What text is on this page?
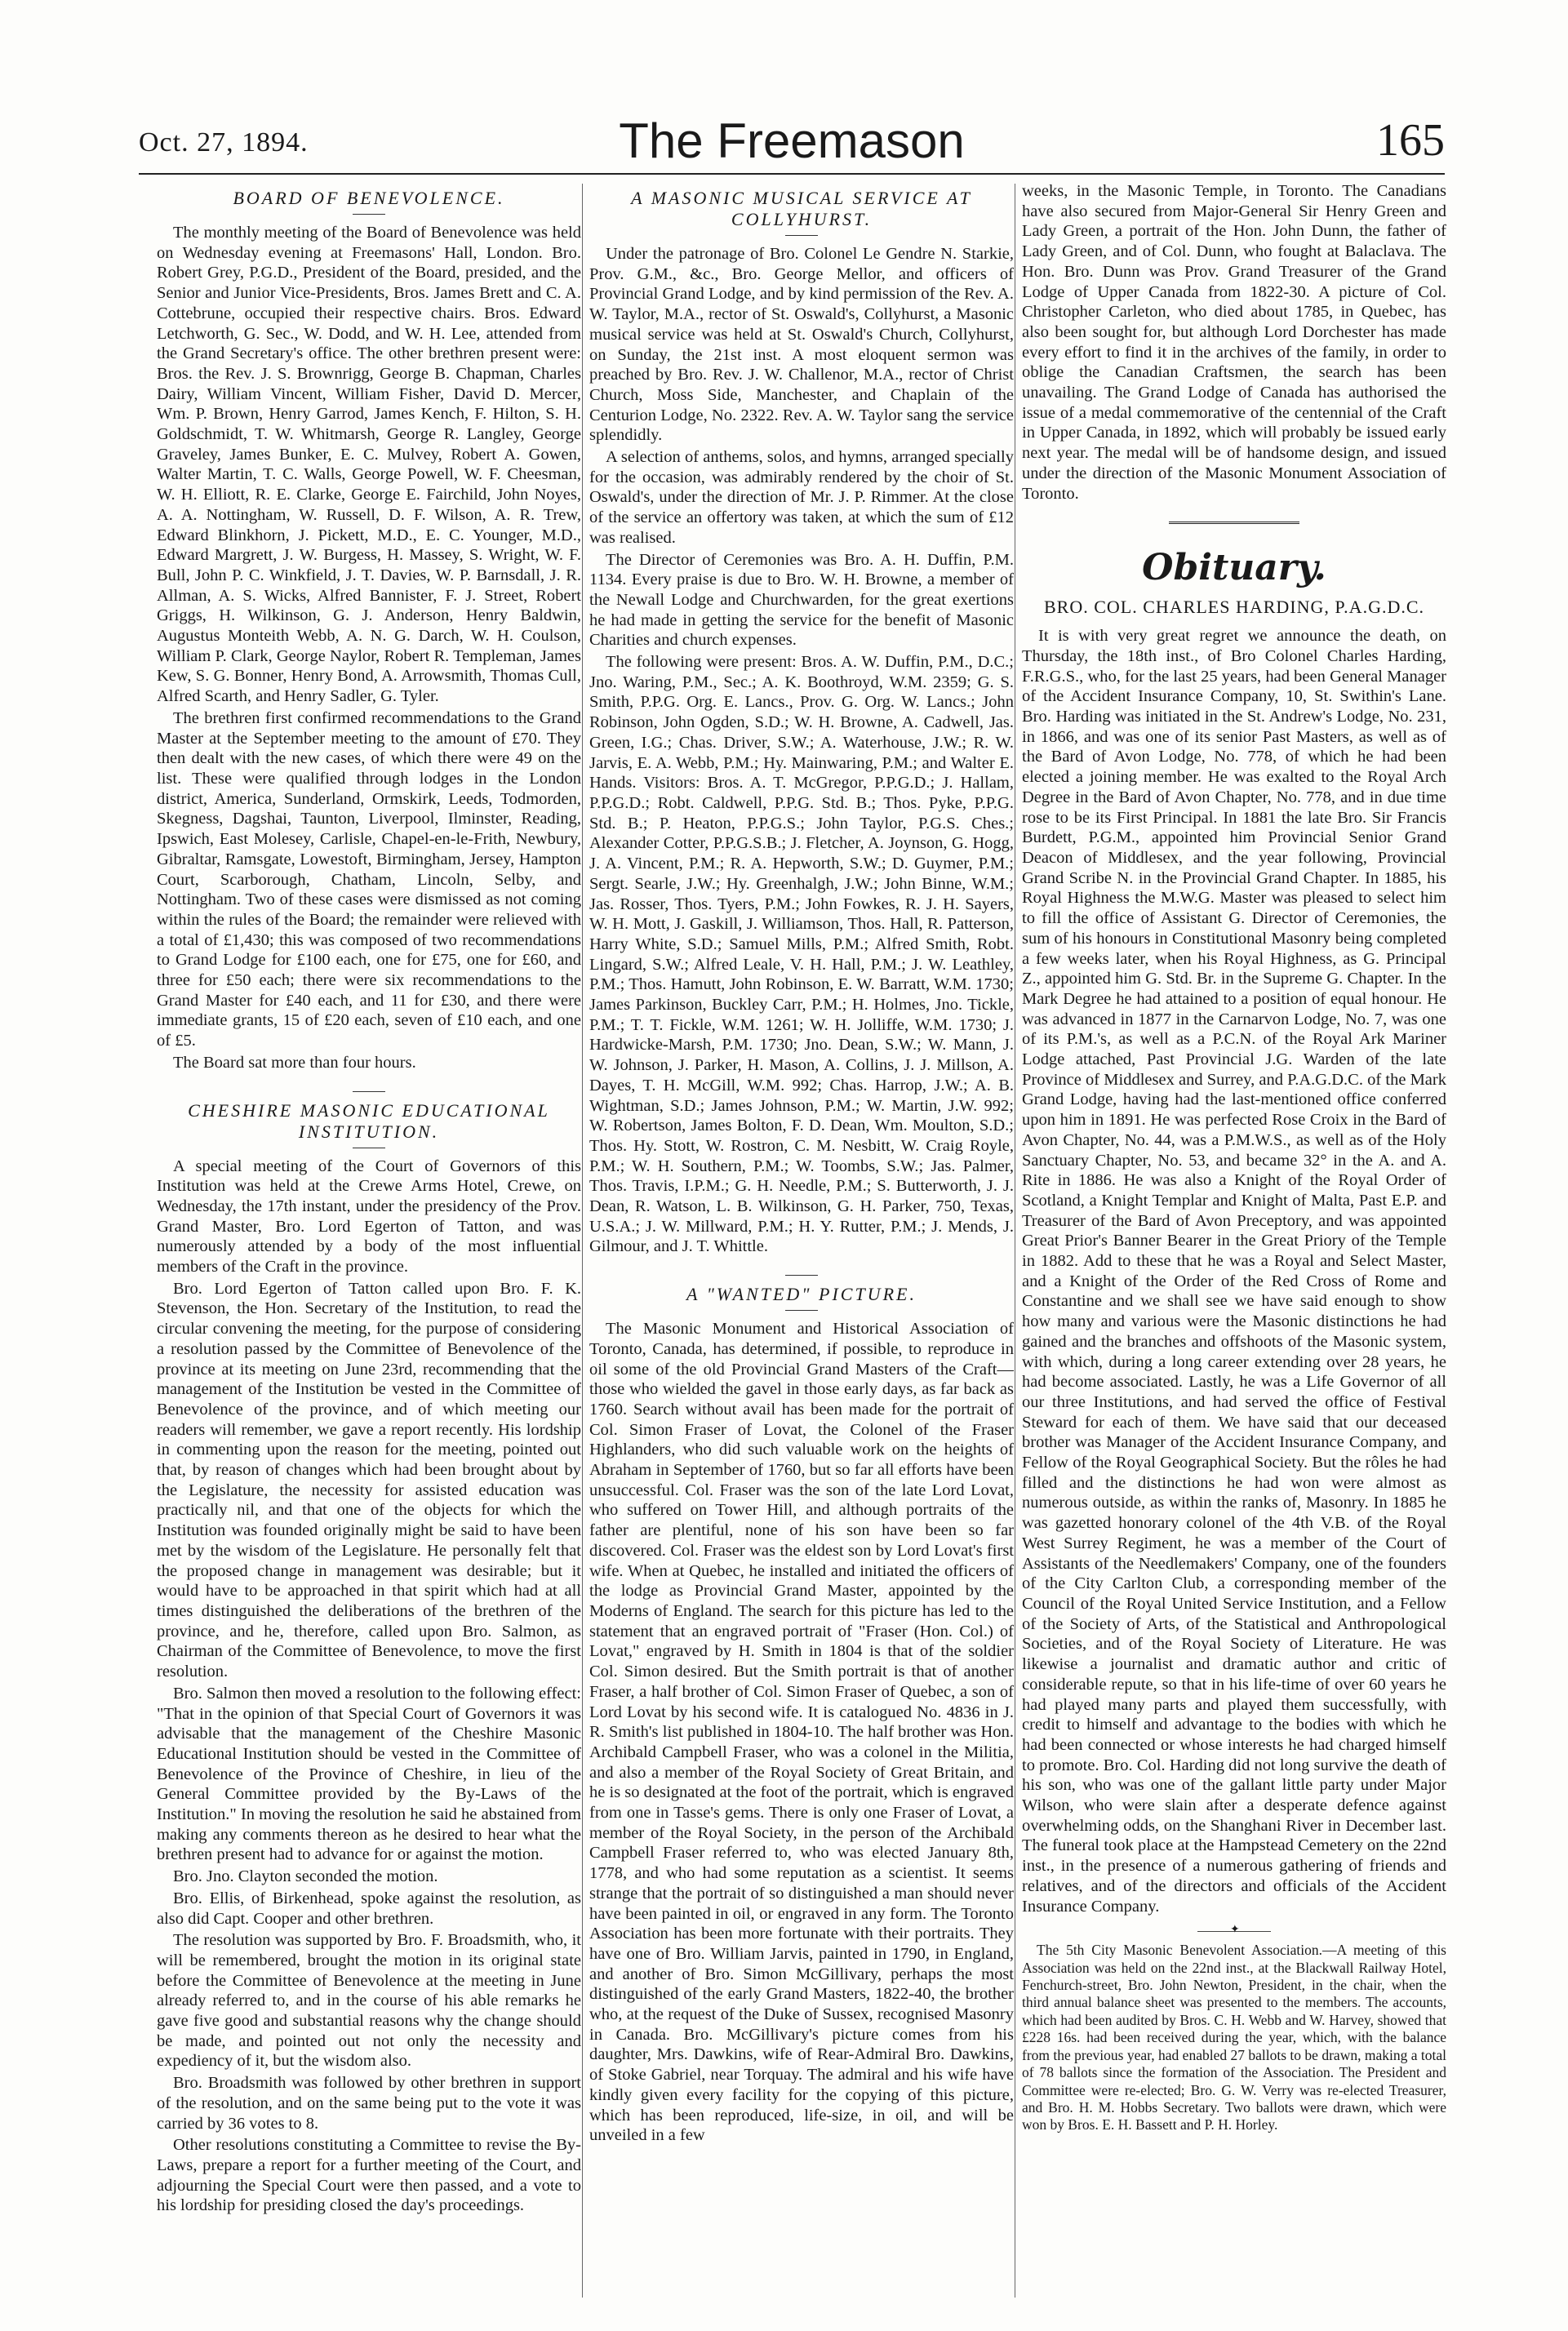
Oct. 27, 1894.	The Freemason	165
BOARD OF BENEVOLENCE.

The monthly meeting of the Board of Benevolence was held on Wednesday evening at Freemasons' Hall, London. Bro. Robert Grey, P.G.D., President of the Board, presided, and the Senior and Junior Vice-Presidents, Bros. James Brett and C. A. Cottebrune, occupied their respective chairs. Bros. Edward Letchworth, G. Sec., W. Dodd, and W. H. Lee, attended from the Grand Secretary's office. The other brethren present were: Bros. the Rev. J. S. Brownrigg, George B. Chapman, Charles Dairy, William Vincent, William Fisher, David D. Mercer, Wm. P. Brown, Henry Garrod, James Kench, F. Hilton, S. H. Goldschmidt, T. W. Whitmarsh, George R. Langley, George Graveley, James Bunker, E. C. Mulvey, Robert A. Gowen, Walter Martin, T. C. Walls, George Powell, W. F. Cheesman, W. H. Elliott, R. E. Clarke, George E. Fairchild, John Noyes, A. A. Nottingham, W. Russell, D. F. Wilson, A. R. Trew, Edward Blinkhorn, J. Pickett, M.D., E. C. Younger, M.D., Edward Margrett, J. W. Burgess, H. Massey, S. Wright, W. F. Bull, John P. C. Winkfield, J. T. Davies, W. P. Barnsdall, J. R. Allman, A. S. Wicks, Alfred Bannister, F. J. Street, Robert Griggs, H. Wilkinson, G. J. Anderson, Henry Baldwin, Augustus Monteith Webb, A. N. G. Darch, W. H. Coulson, William P. Clark, George Naylor, Robert R. Templeman, James Kew, S. G. Bonner, Henry Bond, A. Arrowsmith, Thomas Cull, Alfred Scarth, and Henry Sadler, G. Tyler.

The brethren first confirmed recommendations to the Grand Master at the September meeting to the amount of £70. They then dealt with the new cases, of which there were 49 on the list. These were qualified through lodges in the London district, America, Sunderland, Ormskirk, Leeds, Todmorden, Skegness, Dagshai, Taunton, Liverpool, Ilminster, Reading, Ipswich, East Molesey, Carlisle, Chapel-en-le-Frith, Newbury, Gibraltar, Ramsgate, Lowestoft, Birmingham, Jersey, Hampton Court, Scarborough, Chatham, Lincoln, Selby, and Nottingham. Two of these cases were dismissed as not coming within the rules of the Board; the remainder were relieved with a total of £1,430; this was composed of two recommendations to Grand Lodge for £100 each, one for £75, one for £60, and three for £50 each; there were six recommendations to the Grand Master for £40 each, and 11 for £30, and there were immediate grants, 15 of £20 each, seven of £10 each, and one of £5.

The Board sat more than four hours.

CHESHIRE MASONIC EDUCATIONAL
INSTITUTION.

A special meeting of the Court of Governors of this Institution was held at the Crewe Arms Hotel, Crewe, on Wednesday, the 17th instant, under the presidency of the Prov. Grand Master, Bro. Lord Egerton of Tatton, and was numerously attended by a body of the most influential members of the Craft in the province.

Bro. Lord Egerton of Tatton called upon Bro. F. K. Stevenson, the Hon. Secretary of the Institution, to read the circular convening the meeting, for the purpose of considering a resolution passed by the Committee of Benevolence of the province at its meeting on June 23rd, recommending that the management of the Institution be vested in the Committee of Benevolence of the province, and of which meeting our readers will remember, we gave a report recently. His lordship in commenting upon the reason for the meeting, pointed out that, by reason of changes which had been brought about by the Legislature, the necessity for assisted education was practically nil, and that one of the objects for which the Institution was founded originally might be said to have been met by the wisdom of the Legislature. He personally felt that the proposed change in management was desirable; but it would have to be approached in that spirit which had at all times distinguished the deliberations of the brethren of the province, and he, therefore, called upon Bro. Salmon, as Chairman of the Committee of Benevolence, to move the first resolution.

Bro. Salmon then moved a resolution to the following effect: "That in the opinion of that Special Court of Governors it was advisable that the management of the Cheshire Masonic Educational Institution should be vested in the Committee of Benevolence of the Province of Cheshire, in lieu of the General Committee provided by the By-Laws of the Institution." In moving the resolution he said he abstained from making any comments thereon as he desired to hear what the brethren present had to advance for or against the motion.

Bro. Jno. Clayton seconded the motion.

Bro. Ellis, of Birkenhead, spoke against the resolution, as also did Capt. Cooper and other brethren.

The resolution was supported by Bro. F. Broadsmith, who, it will be remembered, brought the motion in its original state before the Committee of Benevolence at the meeting in June already referred to, and in the course of his able remarks he gave five good and substantial reasons why the change should be made, and pointed out not only the necessity and expediency of it, but the wisdom also.

Bro. Broadsmith was followed by other brethren in support of the resolution, and on the same being put to the vote it was carried by 36 votes to 8.

Other resolutions constituting a Committee to revise the By-Laws, prepare a report for a further meeting of the Court, and adjourning the Special Court were then passed, and a vote to his lordship for presiding closed the day's proceedings.

A MASONIC MUSICAL SERVICE AT
COLLYHURST.

Under the patronage of Bro. Colonel Le Gendre N. Starkie, Prov. G.M., &c., Bro. George Mellor, and officers of Provincial Grand Lodge, and by kind permission of the Rev. A. W. Taylor, M.A., rector of St. Oswald's, Collyhurst, a Masonic musical service was held at St. Oswald's Church, Collyhurst, on Sunday, the 21st inst. A most eloquent sermon was preached by Bro. Rev. J. W. Challenor, M.A., rector of Christ Church, Moss Side, Manchester, and Chaplain of the Centurion Lodge, No. 2322. Rev. A. W. Taylor sang the service splendidly.

A selection of anthems, solos, and hymns, arranged specially for the occasion, was admirably rendered by the choir of St. Oswald's, under the direction of Mr. J. P. Rimmer. At the close of the service an offertory was taken, at which the sum of £12 was realised.

The Director of Ceremonies was Bro. A. H. Duffin, P.M. 1134. Every praise is due to Bro. W. H. Browne, a member of the Newall Lodge and Churchwarden, for the great exertions he had made in getting the service for the benefit of Masonic Charities and church expenses.

The following were present: Bros. A. W. Duffin, P.M., D.C.; Jno. Waring, P.M., Sec.; A. K. Boothroyd, W.M. 2359; G. S. Smith, P.P.G. Org. E. Lancs., Prov. G. Org. W. Lancs.; John Robinson, John Ogden, S.D.; W. H. Browne, A. Cadwell, Jas. Green, I.G.; Chas. Driver, S.W.; A. Waterhouse, J.W.; R. W. Jarvis, E. A. Webb, P.M.; Hy. Mainwaring, P.M.; and Walter E. Hands. Visitors: Bros. A. T. McGregor, P.P.G.D.; J. Hallam, P.P.G.D.; Robt. Caldwell, P.P.G. Std. B.; Thos. Pyke, P.P.G. Std. B.; P. Heaton, P.P.G.S.; John Taylor, P.G.S. Ches.; Alexander Cotter, P.P.G.S.B.; J. Fletcher, A. Joynson, G. Hogg, J. A. Vincent, P.M.; R. A. Hepworth, S.W.; D. Guymer, P.M.; Sergt. Searle, J.W.; Hy. Greenhalgh, J.W.; John Binne, W.M.; Jas. Rosser, Thos. Tyers, P.M.; John Fowkes, R. J. H. Sayers, W. H. Mott, J. Gaskill, J. Williamson, Thos. Hall, R. Patterson, Harry White, S.D.; Samuel Mills, P.M.; Alfred Smith, Robt. Lingard, S.W.; Alfred Leale, V. H. Hall, P.M.; J. W. Leathley, P.M.; Thos. Hamutt, John Robinson, E. W. Barratt, W.M. 1730; James Parkinson, Buckley Carr, P.M.; H. Holmes, Jno. Tickle, P.M.; T. T. Fickle, W.M. 1261; W. H. Jolliffe, W.M. 1730; J. Hardwicke-Marsh, P.M. 1730; Jno. Dean, S.W.; W. Mann, J. W. Johnson, J. Parker, H. Mason, A. Collins, J. J. Millson, A. Dayes, T. H. McGill, W.M. 992; Chas. Harrop, J.W.; A. B. Wightman, S.D.; James Johnson, P.M.; W. Martin, J.W. 992; W. Robertson, James Bolton, F. D. Dean, Wm. Moulton, S.D.; Thos. Hy. Stott, W. Rostron, C. M. Nesbitt, W. Craig Royle, P.M.; W. H. Southern, P.M.; W. Toombs, S.W.; Jas. Palmer, Thos. Travis, I.P.M.; G. H. Needle, P.M.; S. Butterworth, J. J. Dean, R. Watson, L. B. Wilkinson, G. H. Parker, 750, Texas, U.S.A.; J. W. Millward, P.M.; H. Y. Rutter, P.M.; J. Mends, J. Gilmour, and J. T. Whittle.

A "WANTED" PICTURE.

The Masonic Monument and Historical Association of Toronto, Canada, has determined, if possible, to reproduce in oil some of the old Provincial Grand Masters of the Craft—those who wielded the gavel in those early days, as far back as 1760. Search without avail has been made for the portrait of Col. Simon Fraser of Lovat, the Colonel of the Fraser Highlanders, who did such valuable work on the heights of Abraham in September of 1760, but so far all efforts have been unsuccessful. Col. Fraser was the son of the late Lord Lovat, who suffered on Tower Hill, and although portraits of the father are plentiful, none of his son have been so far discovered. Col. Fraser was the eldest son by Lord Lovat's first wife. When at Quebec, he installed and initiated the officers of the lodge as Provincial Grand Master, appointed by the Moderns of England. The search for this picture has led to the statement that an engraved portrait of "Fraser (Hon. Col.) of Lovat," engraved by H. Smith in 1804 is that of the soldier Col. Simon desired. But the Smith portrait is that of another Fraser, a half brother of Col. Simon Fraser of Quebec, a son of Lord Lovat by his second wife. It is catalogued No. 4836 in J. R. Smith's list published in 1804-10. The half brother was Hon. Archibald Campbell Fraser, who was a colonel in the Militia, and also a member of the Royal Society of Great Britain, and he is so designated at the foot of the portrait, which is engraved from one in Tasse's gems. There is only one Fraser of Lovat, a member of the Royal Society, in the person of the Archibald Campbell Fraser referred to, who was elected January 8th, 1778, and who had some reputation as a scientist. It seems strange that the portrait of so distinguished a man should never have been painted in oil, or engraved in any form. The Toronto Association has been more fortunate with their portraits. They have one of Bro. William Jarvis, painted in 1790, in England, and another of Bro. Simon McGillivary, perhaps the most distinguished of the early Grand Masters, 1822-40, the brother who, at the request of the Duke of Sussex, recognised Masonry in Canada. Bro. McGillivary's picture comes from his daughter, Mrs. Dawkins, wife of Rear-Admiral Bro. Dawkins, of Stoke Gabriel, near Torquay. The admiral and his wife have kindly given every facility for the copying of this picture, which has been reproduced, life-size, in oil, and will be unveiled in a few

weeks, in the Masonic Temple, in Toronto. The Canadians have also secured from Major-General Sir Henry Green and Lady Green, a portrait of the Hon. John Dunn, the father of Lady Green, and of Col. Dunn, who fought at Balaclava. The Hon. Bro. Dunn was Prov. Grand Treasurer of the Grand Lodge of Upper Canada from 1822-30. A picture of Col. Christopher Carleton, who died about 1785, in Quebec, has also been sought for, but although Lord Dorchester has made every effort to find it in the archives of the family, in order to oblige the Canadian Craftsmen, the search has been unavailing. The Grand Lodge of Canada has authorised the issue of a medal commemorative of the centennial of the Craft in Upper Canada, in 1892, which will probably be issued early next year. The medal will be of handsome design, and issued under the direction of the Masonic Monument Association of Toronto.

Obituary.
BRO. COL. CHARLES HARDING, P.A.G.D.C.

It is with very great regret we announce the death, on Thursday, the 18th inst., of Bro Colonel Charles Harding, F.R.G.S., who, for the last 25 years, had been General Manager of the Accident Insurance Company, 10, St. Swithin's Lane. Bro. Harding was initiated in the St. Andrew's Lodge, No. 231, in 1866, and was one of its senior Past Masters, as well as of the Bard of Avon Lodge, No. 778, of which he had been elected a joining member. He was exalted to the Royal Arch Degree in the Bard of Avon Chapter, No. 778, and in due time rose to be its First Principal. In 1881 the late Bro. Sir Francis Burdett, P.G.M., appointed him Provincial Senior Grand Deacon of Middlesex, and the year following, Provincial Grand Scribe N. in the Provincial Grand Chapter. In 1885, his Royal Highness the M.W.G. Master was pleased to select him to fill the office of Assistant G. Director of Ceremonies, the sum of his honours in Constitutional Masonry being completed a few weeks later, when his Royal Highness, as G. Principal Z., appointed him G. Std. Br. in the Supreme G. Chapter. In the Mark Degree he had attained to a position of equal honour. He was advanced in 1877 in the Carnarvon Lodge, No. 7, was one of its P.M.'s, as well as a P.C.N. of the Royal Ark Mariner Lodge attached, Past Provincial J.G. Warden of the late Province of Middlesex and Surrey, and P.A.G.D.C. of the Mark Grand Lodge, having had the last-mentioned office conferred upon him in 1891. He was perfected Rose Croix in the Bard of Avon Chapter, No. 44, was a P.M.W.S., as well as of the Holy Sanctuary Chapter, No. 53, and became 32° in the A. and A. Rite in 1886. He was also a Knight of the Royal Order of Scotland, a Knight Templar and Knight of Malta, Past E.P. and Treasurer of the Bard of Avon Preceptory, and was appointed Great Prior's Banner Bearer in the Great Priory of the Temple in 1882. Add to these that he was a Royal and Select Master, and a Knight of the Order of the Red Cross of Rome and Constantine and we shall see we have said enough to show how many and various were the Masonic distinctions he had gained and the branches and offshoots of the Masonic system, with which, during a long career extending over 28 years, he had become associated. Lastly, he was a Life Governor of all our three Institutions, and had served the office of Festival Steward for each of them. We have said that our deceased brother was Manager of the Accident Insurance Company, and Fellow of the Royal Geographical Society. But the rôles he had filled and the distinctions he had won were almost as numerous outside, as within the ranks of, Masonry. In 1885 he was gazetted honorary colonel of the 4th V.B. of the Royal West Surrey Regiment, he was a member of the Court of Assistants of the Needlemakers' Company, one of the founders of the City Carlton Club, a corresponding member of the Council of the Royal United Service Institution, and a Fellow of the Society of Arts, of the Statistical and Anthropological Societies, and of the Royal Society of Literature. He was likewise a journalist and dramatic author and critic of considerable repute, so that in his life-time of over 60 years he had played many parts and played them successfully, with credit to himself and advantage to the bodies with which he had been connected or whose interests he had charged himself to promote. Bro. Col. Harding did not long survive the death of his son, who was one of the gallant little party under Major Wilson, who were slain after a desperate defence against overwhelming odds, on the Shanghani River in December last. The funeral took place at the Hampstead Cemetery on the 22nd inst., in the presence of a numerous gathering of friends and relatives, and of the directors and officials of the Accident Insurance Company.

✦

The 5th City Masonic Benevolent Association.—A meeting of this Association was held on the 22nd inst., at the Blackwall Railway Hotel, Fenchurch-street, Bro. John Newton, President, in the chair, when the third annual balance sheet was presented to the members. The accounts, which had been audited by Bros. C. H. Webb and W. Harvey, showed that £228 16s. had been received during the year, which, with the balance from the previous year, had enabled 27 ballots to be drawn, making a total of 78 ballots since the formation of the Association. The President and Committee were re-elected; Bro. G. W. Verry was re-elected Treasurer, and Bro. H. M. Hobbs Secretary. Two ballots were drawn, which were won by Bros. E. H. Bassett and P. H. Horley.
